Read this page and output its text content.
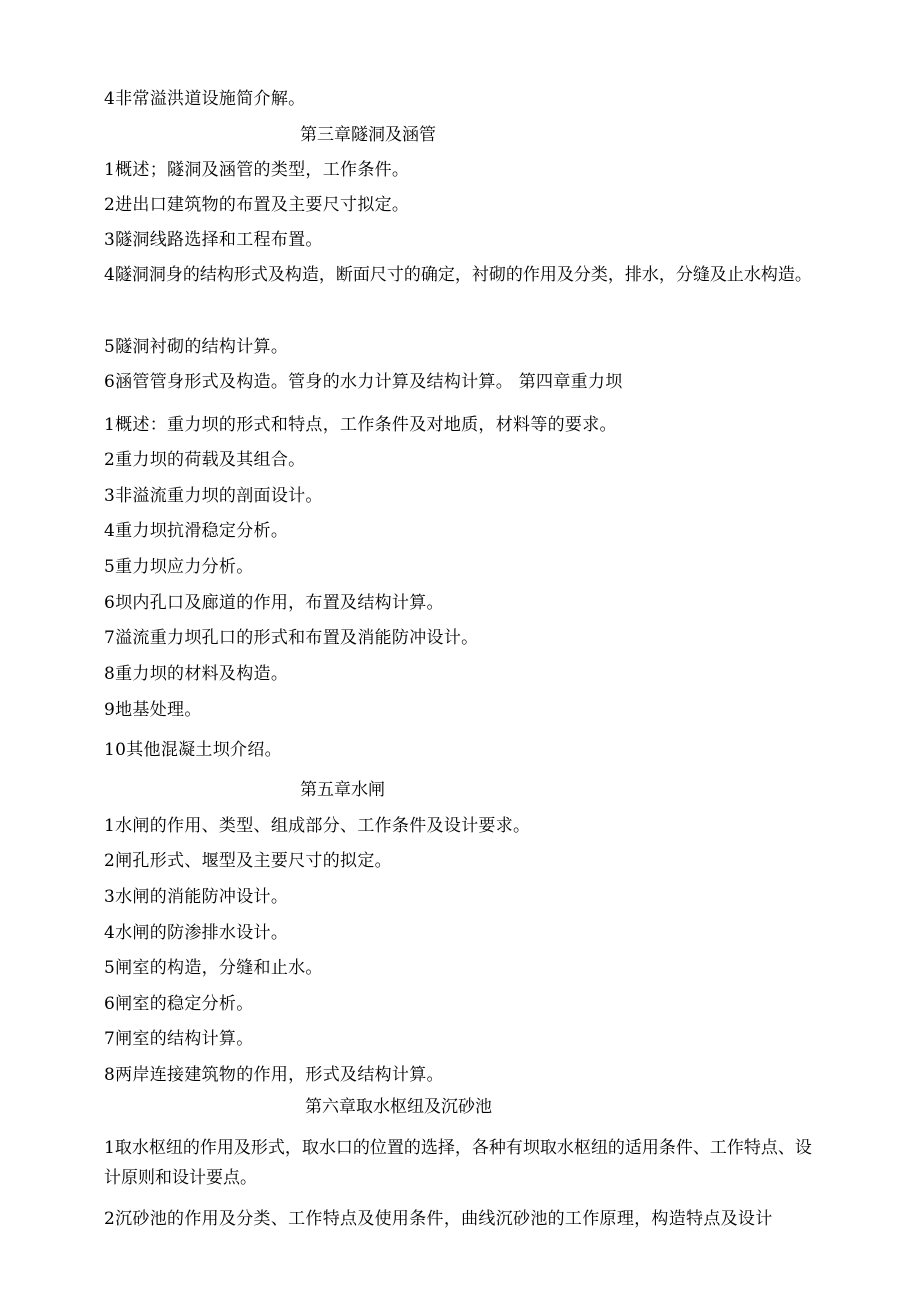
4非常溢洪道设施简介解。
第三章隧洞及涵管
1概述；隧洞及涵管的类型，工作条件。
2进出口建筑物的布置及主要尺寸拟定。
3隧洞线路选择和工程布置。
4隧洞洞身的结构形式及构造，断面尺寸的确定，衬砌的作用及分类，排水，分缝及止水构造。
5隧洞衬砌的结构计算。
6涵管管身形式及构造。管身的水力计算及结构计算。 第四章重力坝
1概述：重力坝的形式和特点，工作条件及对地质，材料等的要求。
2重力坝的荷载及其组合。
3非溢流重力坝的剖面设计。
4重力坝抗滑稳定分析。
5重力坝应力分析。
6坝内孔口及廊道的作用，布置及结构计算。
7溢流重力坝孔口的形式和布置及消能防冲设计。
8重力坝的材料及构造。
9地基处理。
10其他混凝土坝介绍。
第五章水闸
1水闸的作用、类型、组成部分、工作条件及设计要求。
2闸孔形式、堰型及主要尺寸的拟定。
3水闸的消能防冲设计。
4水闸的防渗排水设计。
5闸室的构造，分缝和止水。
6闸室的稳定分析。
7闸室的结构计算。
8两岸连接建筑物的作用，形式及结构计算。
第六章取水枢纽及沉砂池
1取水枢纽的作用及形式，取水口的位置的选择，各种有坝取水枢纽的适用条件、工作特点、设计原则和设计要点。
2沉砂池的作用及分类、工作特点及使用条件，曲线沉砂池的工作原理，构造特点及设计
